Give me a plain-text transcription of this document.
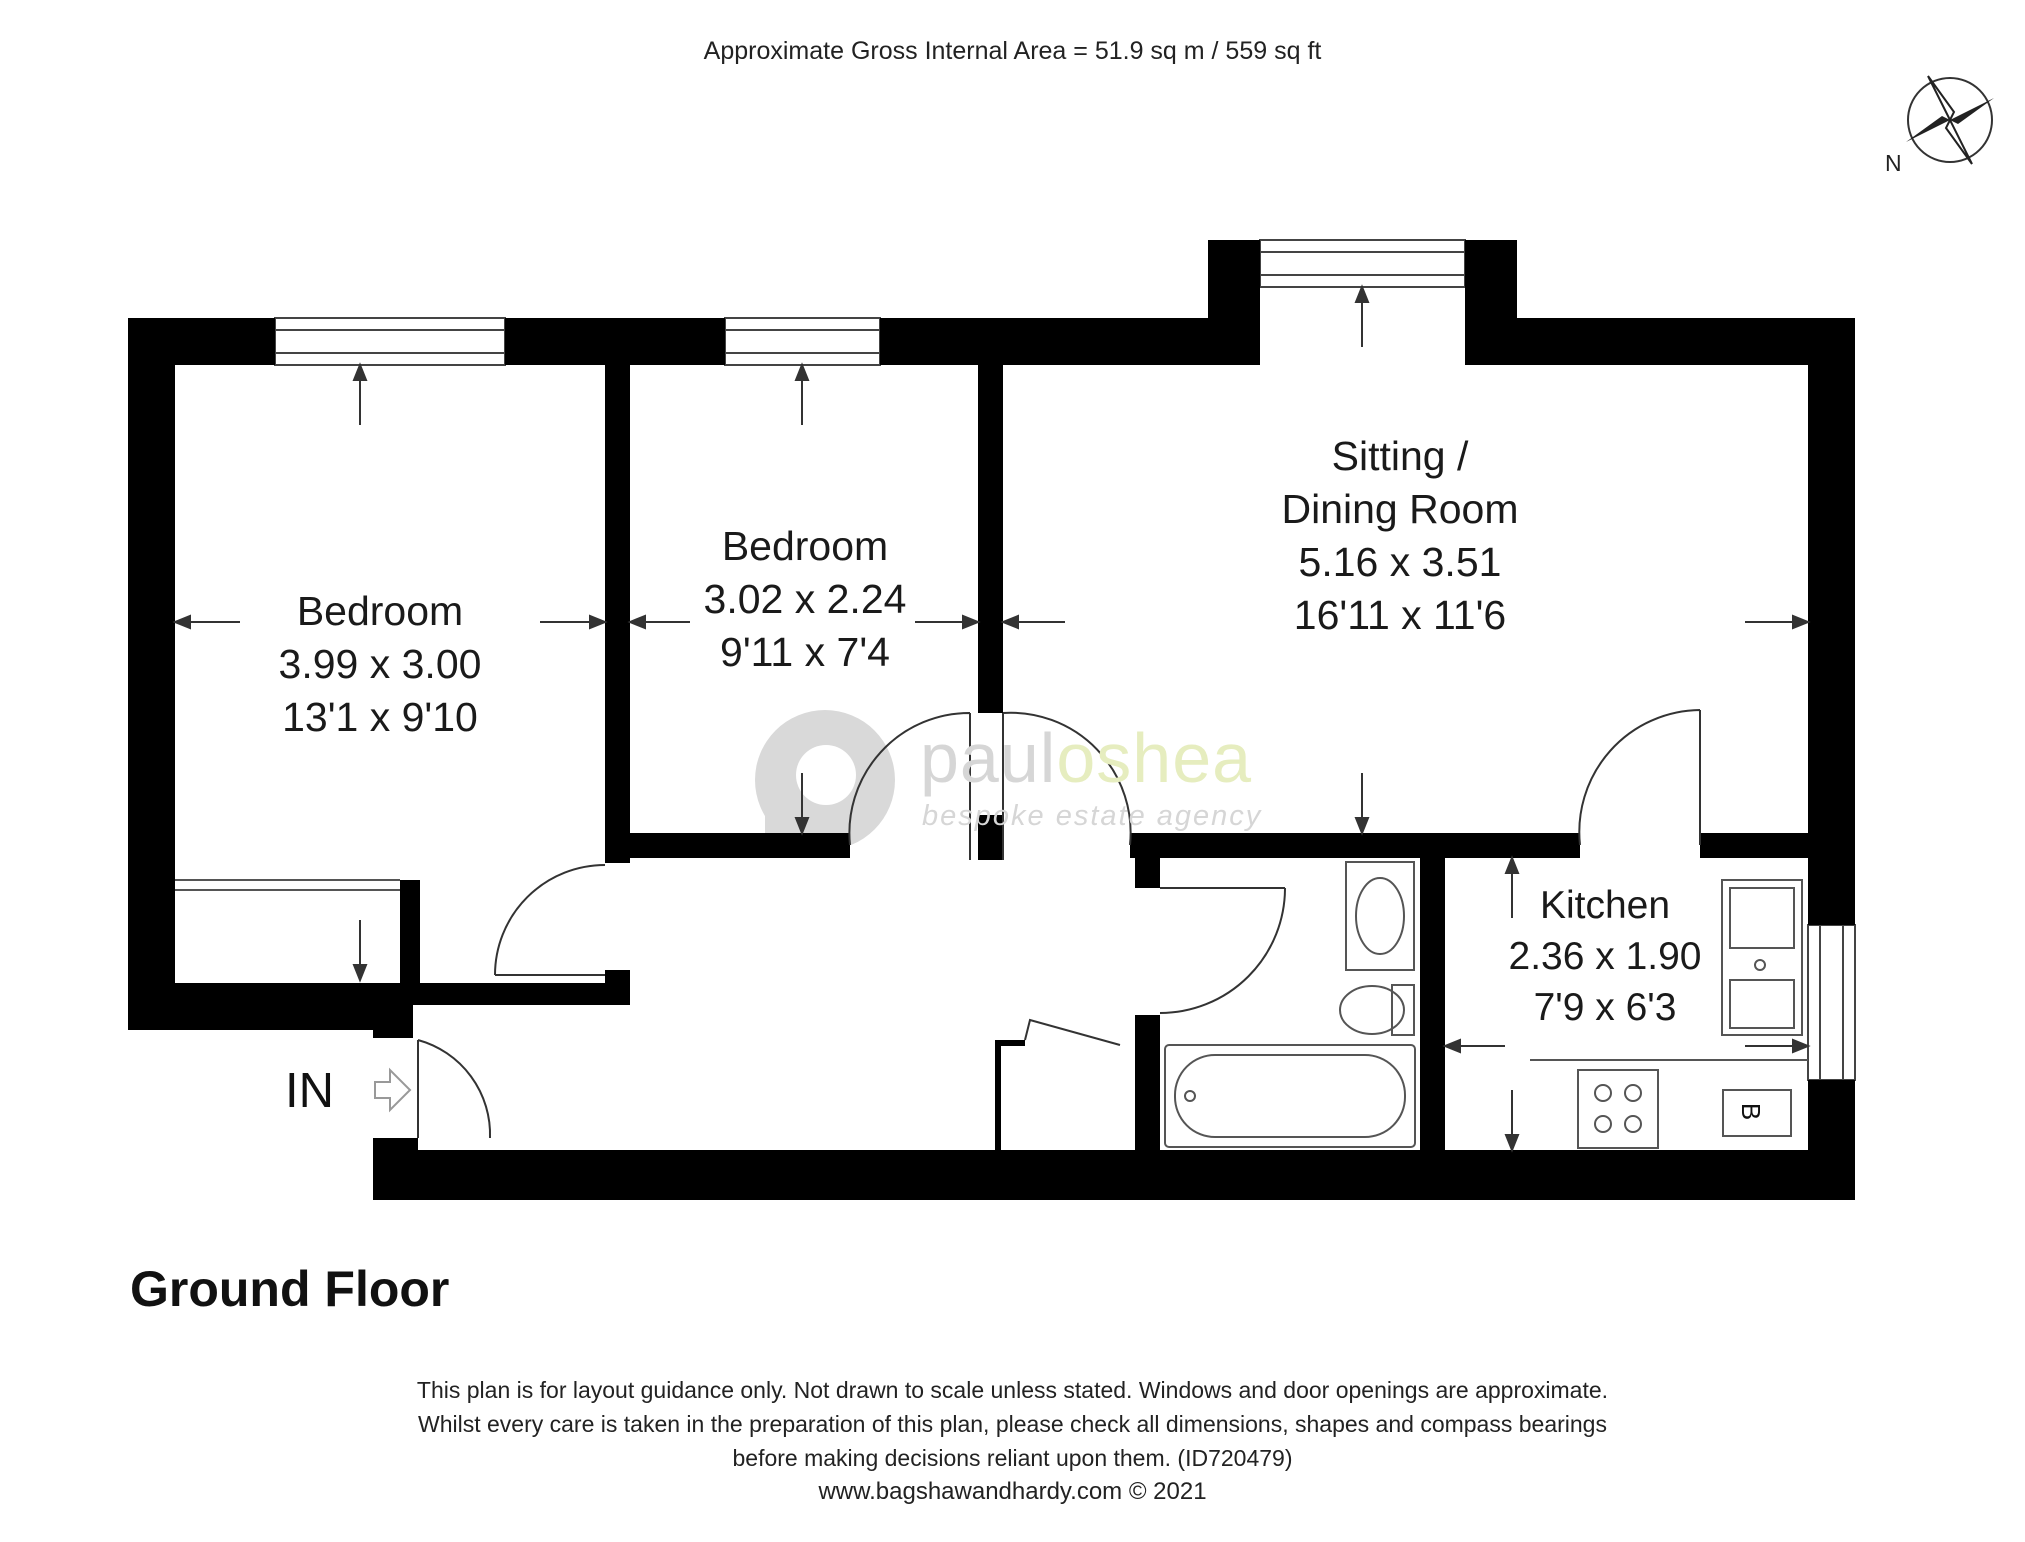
Approximate Gross Internal Area = 51.9 sq m / 559 sq ft
N
Bedroom
3.99 x 3.00
13'1 x 9'10
Bedroom
3.02 x 2.24
9'11 x 7'4
Sitting /
Dining Room
5.16 x 3.51
16'11 x 11'6
Kitchen
2.36 x 1.90
7'9 x 6'3
B
IN
pauloshea
bespoke estate agency
Ground Floor
This plan is for layout guidance only. Not drawn to scale unless stated. Windows and door openings are approximate.
Whilst every care is taken in the preparation of this plan, please check all dimensions, shapes and compass bearings
before making decisions reliant upon them. (ID720479)
www.bagshawandhardy.com © 2021
